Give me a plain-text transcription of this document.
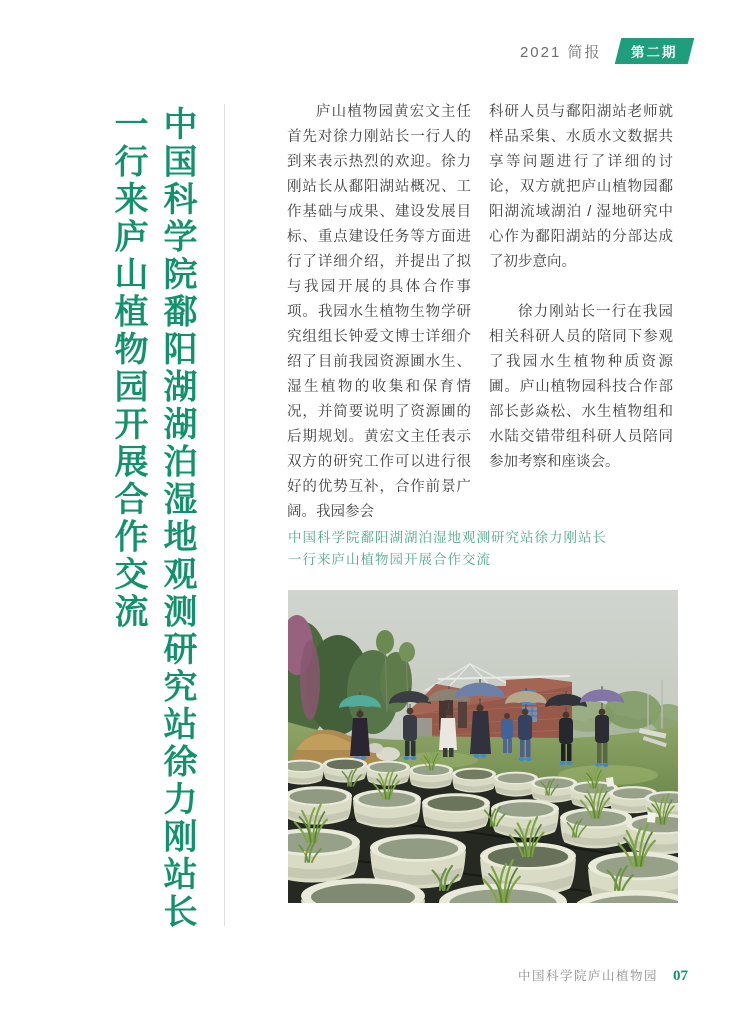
2021 简报	第二期
中国科学院鄱阳湖湖泊湿地观测研究站徐力刚站长
一行来庐山植物园开展合作交流	庐山植物园黄宏文主任首先对徐力刚站长一行人的到来表示热烈的欢迎。徐力刚站长从鄱阳湖站概况、工作基础与成果、建设发展目标、重点建设任务等方面进行了详细介绍，并提出了拟与我园开展的具体合作事项。我园水生植物生物学研究组组长钟爱文博士详细介绍了目前我园资源圃水生、湿生植物的收集和保育情况，并简要说明了资源圃的后期规划。黄宏文主任表示双方的研究工作可以进行很好的优势互补，合作前景广阔。我园参会

科研人员与鄱阳湖站老师就样品采集、水质水文数据共享等问题进行了详细的讨论，双方就把庐山植物园鄱阳湖流域湖泊 / 湿地研究中心作为鄱阳湖站的分部达成了初步意向。

徐力刚站长一行在我园相关科研人员的陪同下参观了我园水生植物种质资源圃。庐山植物园科技合作部部长彭焱松、水生植物组和水陆交错带组科研人员陪同参加考察和座谈会。

中国科学院鄱阳湖湖泊湿地观测研究站徐力刚站长
一行来庐山植物园开展合作交流
中国科学院庐山植物园 07
